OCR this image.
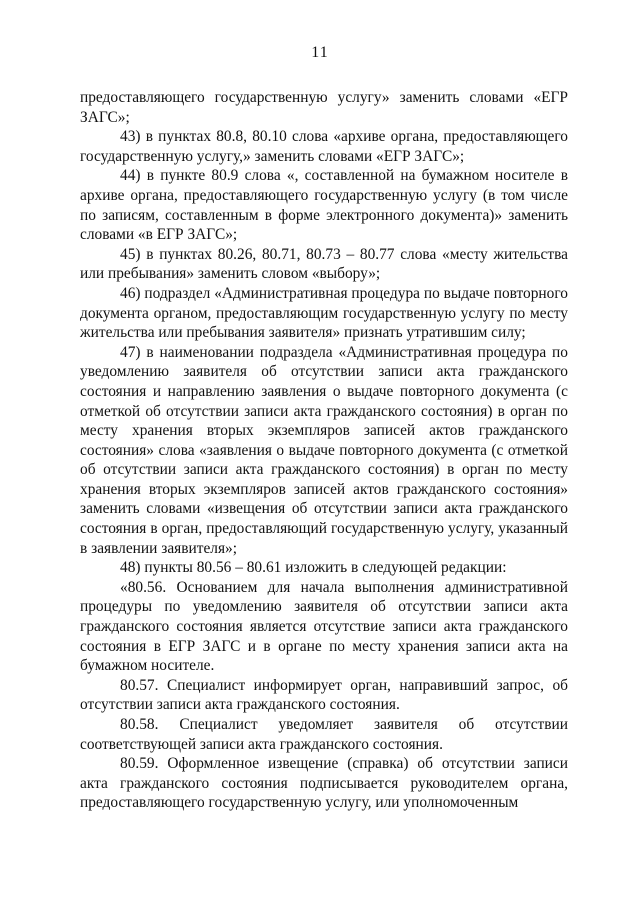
11

предоставляющего государственную услугу» заменить словами «ЕГР ЗАГС»;

43) в пунктах 80.8, 80.10 слова «архиве органа, предоставляющего государственную услугу,» заменить словами «ЕГР ЗАГС»;

44) в пункте 80.9 слова «, составленной на бумажном носителе в архиве органа, предоставляющего государственную услугу (в том числе по записям, составленным в форме электронного документа)» заменить словами «в ЕГР ЗАГС»;

45) в пунктах 80.26, 80.71, 80.73 – 80.77 слова «месту жительства или пребывания» заменить словом «выбору»;

46) подраздел «Административная процедура по выдаче повторного документа органом, предоставляющим государственную услугу по месту жительства или пребывания заявителя» признать утратившим силу;

47) в наименовании подраздела «Административная процедура по уведомлению заявителя об отсутствии записи акта гражданского состояния и направлению заявления о выдаче повторного документа (с отметкой об отсутствии записи акта гражданского состояния) в орган по месту хранения вторых экземпляров записей актов гражданского состояния» слова «заявления о выдаче повторного документа (с отметкой об отсутствии записи акта гражданского состояния) в орган по месту хранения вторых экземпляров записей актов гражданского состояния» заменить словами «извещения об отсутствии записи акта гражданского состояния в орган, предоставляющий государственную услугу, указанный в заявлении заявителя»;

48) пункты 80.56 – 80.61 изложить в следующей редакции:

«80.56. Основанием для начала выполнения административной процедуры по уведомлению заявителя об отсутствии записи акта гражданского состояния является отсутствие записи акта гражданского состояния в ЕГР ЗАГС и в органе по месту хранения записи акта на бумажном носителе.

80.57. Специалист информирует орган, направивший запрос, об отсутствии записи акта гражданского состояния.

80.58. Специалист уведомляет заявителя об отсутствии соответствующей записи акта гражданского состояния.

80.59. Оформленное извещение (справка) об отсутствии записи акта гражданского состояния подписывается руководителем органа, предоставляющего государственную услугу, или уполномоченным
